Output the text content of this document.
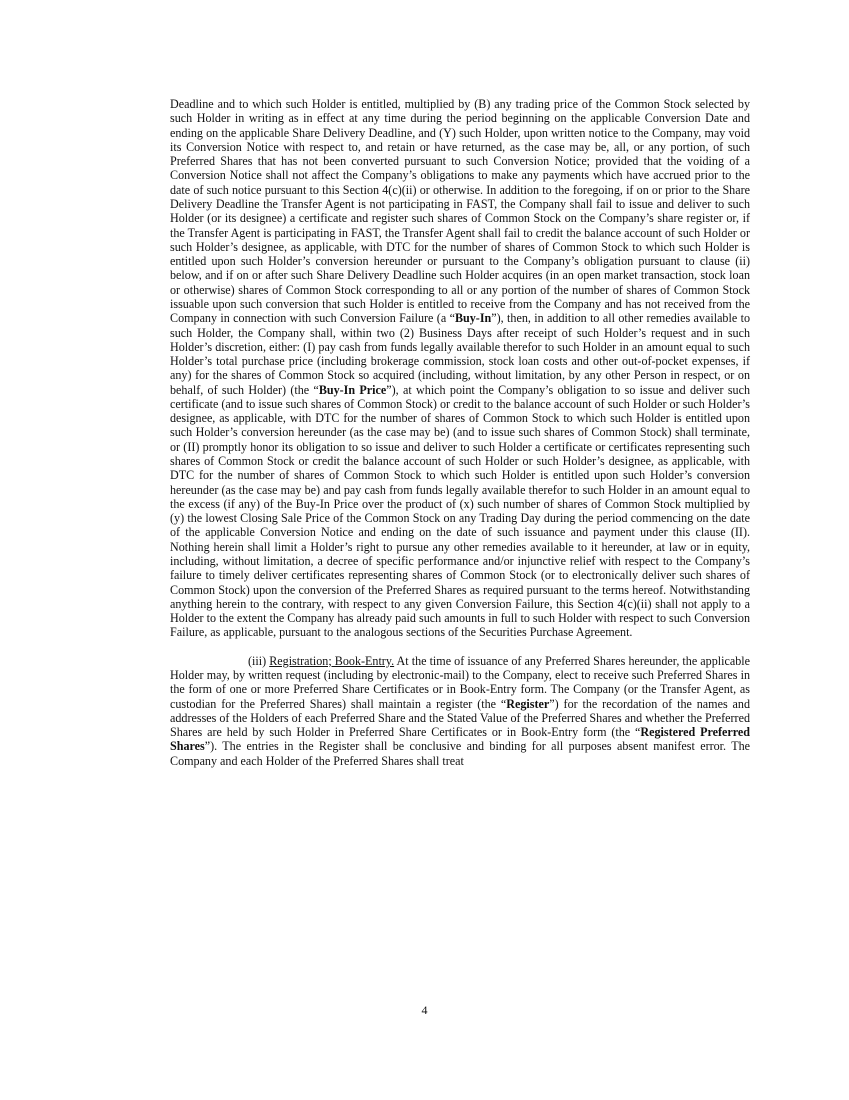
Deadline and to which such Holder is entitled, multiplied by (B) any trading price of the Common Stock selected by such Holder in writing as in effect at any time during the period beginning on the applicable Conversion Date and ending on the applicable Share Delivery Deadline, and (Y) such Holder, upon written notice to the Company, may void its Conversion Notice with respect to, and retain or have returned, as the case may be, all, or any portion, of such Preferred Shares that has not been converted pursuant to such Conversion Notice; provided that the voiding of a Conversion Notice shall not affect the Company’s obligations to make any payments which have accrued prior to the date of such notice pursuant to this Section 4(c)(ii) or otherwise. In addition to the foregoing, if on or prior to the Share Delivery Deadline the Transfer Agent is not participating in FAST, the Company shall fail to issue and deliver to such Holder (or its designee) a certificate and register such shares of Common Stock on the Company’s share register or, if the Transfer Agent is participating in FAST, the Transfer Agent shall fail to credit the balance account of such Holder or such Holder’s designee, as applicable, with DTC for the number of shares of Common Stock to which such Holder is entitled upon such Holder’s conversion hereunder or pursuant to the Company’s obligation pursuant to clause (ii) below, and if on or after such Share Delivery Deadline such Holder acquires (in an open market transaction, stock loan or otherwise) shares of Common Stock corresponding to all or any portion of the number of shares of Common Stock issuable upon such conversion that such Holder is entitled to receive from the Company and has not received from the Company in connection with such Conversion Failure (a “Buy-In”), then, in addition to all other remedies available to such Holder, the Company shall, within two (2) Business Days after receipt of such Holder’s request and in such Holder’s discretion, either: (I) pay cash from funds legally available therefor to such Holder in an amount equal to such Holder’s total purchase price (including brokerage commission, stock loan costs and other out-of-pocket expenses, if any) for the shares of Common Stock so acquired (including, without limitation, by any other Person in respect, or on behalf, of such Holder) (the “Buy-In Price”), at which point the Company’s obligation to so issue and deliver such certificate (and to issue such shares of Common Stock) or credit to the balance account of such Holder or such Holder’s designee, as applicable, with DTC for the number of shares of Common Stock to which such Holder is entitled upon such Holder’s conversion hereunder (as the case may be) (and to issue such shares of Common Stock) shall terminate, or (II) promptly honor its obligation to so issue and deliver to such Holder a certificate or certificates representing such shares of Common Stock or credit the balance account of such Holder or such Holder’s designee, as applicable, with DTC for the number of shares of Common Stock to which such Holder is entitled upon such Holder’s conversion hereunder (as the case may be) and pay cash from funds legally available therefor to such Holder in an amount equal to the excess (if any) of the Buy-In Price over the product of (x) such number of shares of Common Stock multiplied by (y) the lowest Closing Sale Price of the Common Stock on any Trading Day during the period commencing on the date of the applicable Conversion Notice and ending on the date of such issuance and payment under this clause (II). Nothing herein shall limit a Holder’s right to pursue any other remedies available to it hereunder, at law or in equity, including, without limitation, a decree of specific performance and/or injunctive relief with respect to the Company’s failure to timely deliver certificates representing shares of Common Stock (or to electronically deliver such shares of Common Stock) upon the conversion of the Preferred Shares as required pursuant to the terms hereof. Notwithstanding anything herein to the contrary, with respect to any given Conversion Failure, this Section 4(c)(ii) shall not apply to a Holder to the extent the Company has already paid such amounts in full to such Holder with respect to such Conversion Failure, as applicable, pursuant to the analogous sections of the Securities Purchase Agreement.

(iii) Registration; Book-Entry. At the time of issuance of any Preferred Shares hereunder, the applicable Holder may, by written request (including by electronic-mail) to the Company, elect to receive such Preferred Shares in the form of one or more Preferred Share Certificates or in Book-Entry form. The Company (or the Transfer Agent, as custodian for the Preferred Shares) shall maintain a register (the “Register”) for the recordation of the names and addresses of the Holders of each Preferred Share and the Stated Value of the Preferred Shares and whether the Preferred Shares are held by such Holder in Preferred Share Certificates or in Book-Entry form (the “Registered Preferred Shares”). The entries in the Register shall be conclusive and binding for all purposes absent manifest error. The Company and each Holder of the Preferred Shares shall treat

4
